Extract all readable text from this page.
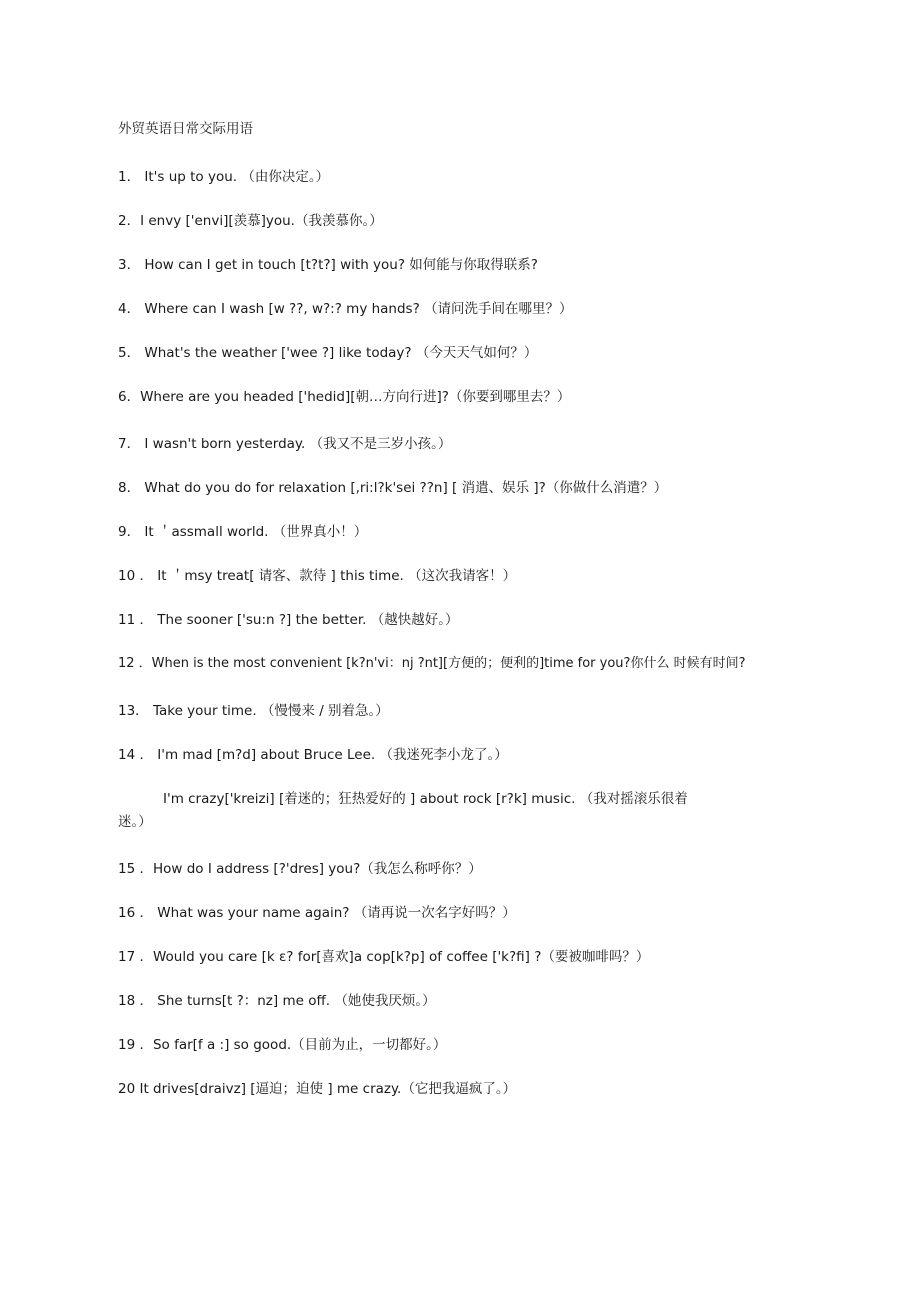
外贸英语日常交际用语
1． It's up to you. （由你决定。）
2．I envy ['envi][羡慕]you.（我羡慕你。）
3． How can I get in touch [t?t?] with you? 如何能与你取得联系?
4． Where can I wash [w ??, w?:? my hands? （请问洗手间在哪里？）
5． What's the weather ['wee ?] like today? （今天天气如何？）
6．Where are you headed ['hedid][朝…方向行进]?（你要到哪里去？）
7． I wasn't born yesterday. （我又不是三岁小孩。）
8． What do you do for relaxation [,ri:l?k'sei ??n] [ 消遣、娱乐 ]?（你做什么消遣？）
9． It ＇assmall world. （世界真小！）
10 ． It ＇msy treat[ 请客、款待 ] this time. （这次我请客！）
11 ． The sooner ['su:n ?] the better. （越快越好。）
12 ．When is the most convenient [k?n'vi：nj ?nt][方便的；便利的]time for you?你什么 时候有时间?
13． Take your time. （慢慢来 / 别着急。）
14 ． I'm mad [m?d] about Bruce Lee. （我迷死李小龙了。）
I'm crazy['kreizi] [着迷的；狂热爱好的 ] about rock [r?k] music. （我对摇滚乐很着
迷。）
15 ．How do I address [?'dres] you?（我怎么称呼你？）
16 ． What was your name again? （请再说一次名字好吗？）
17 ．Would you care [k ε? for[喜欢]a cop[k?p] of coffee ['k?fi] ?（要被咖啡吗？）
18 ． She turns[t ?：nz] me off. （她使我厌烦。）
19 ．So far[f a :] so good.（目前为止，一切都好。）
20 It drives[draivz] [逼迫；迫使 ] me crazy.（它把我逼疯了。）
